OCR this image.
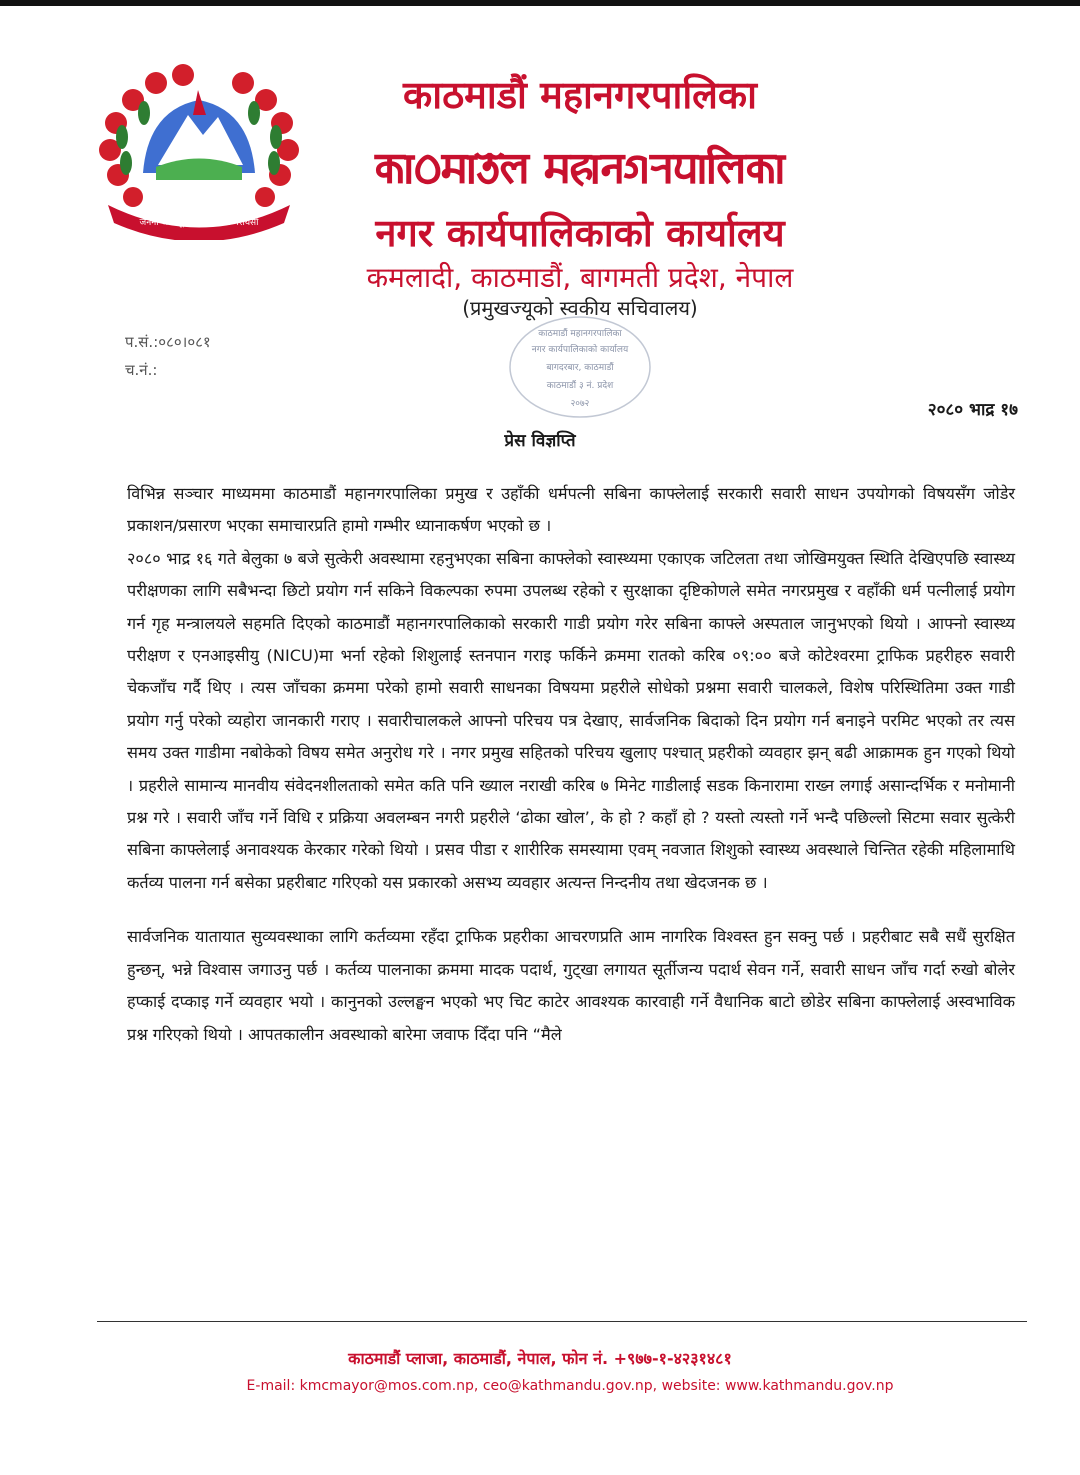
जननी जन्मभूमिश्च स्वर्गादपि गरीयसी
काठमाडौं महानगरपालिका
𑐎𑐵𑐛𑐩𑐵𑐜𑐾𑐮 𑐩𑐴𑐵𑐣𑐐𑐬𑐥𑐵𑐮𑐶𑐎𑐵
नगर कार्यपालिकाको कार्यालय
कमलादी, काठमाडौं, बागमती प्रदेश, नेपाल
(प्रमुखज्यूको स्वकीय सचिवालय)
प.सं.:०८०।०८१
च.नं.:
काठमाडौं महानगरपालिका
नगर कार्यपालिकाको कार्यालय
बागदरबार, काठमाडौं
काठमाडौं ३ नं. प्रदेश
२०७२	२०८० भाद्र १७
प्रेस विज्ञप्ति

विभिन्न सञ्चार माध्यममा काठमाडौं महानगरपालिका प्रमुख र उहाँकी धर्मपत्नी सबिना काफ्लेलाई सरकारी सवारी साधन उपयोगको विषयसँग जोडेर प्रकाशन/प्रसारण भएका समाचारप्रति हामो गम्भीर ध्यानाकर्षण भएको छ ।

२०८० भाद्र १६ गते बेलुका ७ बजे सुत्केरी अवस्थामा रहनुभएका सबिना काफ्लेको स्वास्थ्यमा एकाएक जटिलता तथा जोखिमयुक्त स्थिति देखिएपछि स्वास्थ्य परीक्षणका लागि सबैभन्दा छिटो प्रयोग गर्न सकिने विकल्पका रुपमा उपलब्ध रहेको र सुरक्षाका दृष्टिकोणले समेत नगरप्रमुख र वहाँकी धर्म पत्नीलाई प्रयोग गर्न गृह मन्त्रालयले सहमति दिएको काठमाडौं महानगरपालिकाको सरकारी गाडी प्रयोग गरेर सबिना काफ्ले अस्पताल जानुभएको थियो । आफ्नो स्वास्थ्य परीक्षण र एनआइसीयु (NICU)मा भर्ना रहेको शिशुलाई स्तनपान गराइ फर्किने क्रममा रातको करिब ०९:०० बजे कोटेश्वरमा ट्राफिक प्रहरीहरु सवारी चेकजाँच गर्दै थिए । त्यस जाँचका क्रममा परेको हामो सवारी साधनका विषयमा प्रहरीले सोधेको प्रश्नमा सवारी चालकले, विशेष परिस्थितिमा उक्त गाडी प्रयोग गर्नु परेको व्यहोरा जानकारी गराए । सवारीचालकले आफ्नो परिचय पत्र देखाए, सार्वजनिक बिदाको दिन प्रयोग गर्न बनाइने परमिट भएको तर त्यस समय उक्त गाडीमा नबोकेको विषय समेत अनुरोध गरे । नगर प्रमुख सहितको परिचय खुलाए पश्चात् प्रहरीको व्यवहार झन् बढी आक्रामक हुन गएको थियो । प्रहरीले सामान्य मानवीय संवेदनशीलताको समेत कति पनि ख्याल नराखी करिब ७ मिनेट गाडीलाई सडक किनारामा राख्न लगाई असान्दर्भिक र मनोमानी प्रश्न गरे । सवारी जाँच गर्ने विधि र प्रक्रिया अवलम्बन नगरी प्रहरीले ‘ढोका खोल’, के हो ? कहाँ हो ? यस्तो त्यस्तो गर्ने भन्दै पछिल्लो सिटमा सवार सुत्केरी सबिना काफ्लेलाई अनावश्यक केरकार गरेको थियो । प्रसव पीडा र शारीरिक समस्यामा एवम् नवजात शिशुको स्वास्थ्य अवस्थाले चिन्तित रहेकी महिलामाथि कर्तव्य पालना गर्न बसेका प्रहरीबाट गरिएको यस प्रकारको असभ्य व्यवहार अत्यन्त निन्दनीय तथा खेदजनक छ ।

सार्वजनिक यातायात सुव्यवस्थाका लागि कर्तव्यमा रहँदा ट्राफिक प्रहरीका आचरणप्रति आम नागरिक विश्वस्त हुन सक्नु पर्छ । प्रहरीबाट सबै सधैं सुरक्षित हुन्छन्, भन्ने विश्वास जगाउनु पर्छ । कर्तव्य पालनाका क्रममा मादक पदार्थ, गुट्खा लगायत सूर्तीजन्य पदार्थ सेवन गर्ने, सवारी साधन जाँच गर्दा रुखो बोलेर हप्काई दप्काइ गर्ने व्यवहार भयो । कानुनको उल्लङ्घन भएको भए चिट काटेर आवश्यक कारवाही गर्ने वैधानिक बाटो छोडेर सबिना काफ्लेलाई अस्वभाविक प्रश्न गरिएको थियो । आपतकालीन अवस्थाको बारेमा जवाफ दिँदा पनि “मैले

काठमाडौं प्लाजा, काठमाडौं, नेपाल, फोन नं. +९७७-१-४२३१४८१
E-mail: kmcmayor@mos.com.np, ceo@kathmandu.gov.np, website: www.kathmandu.gov.np
